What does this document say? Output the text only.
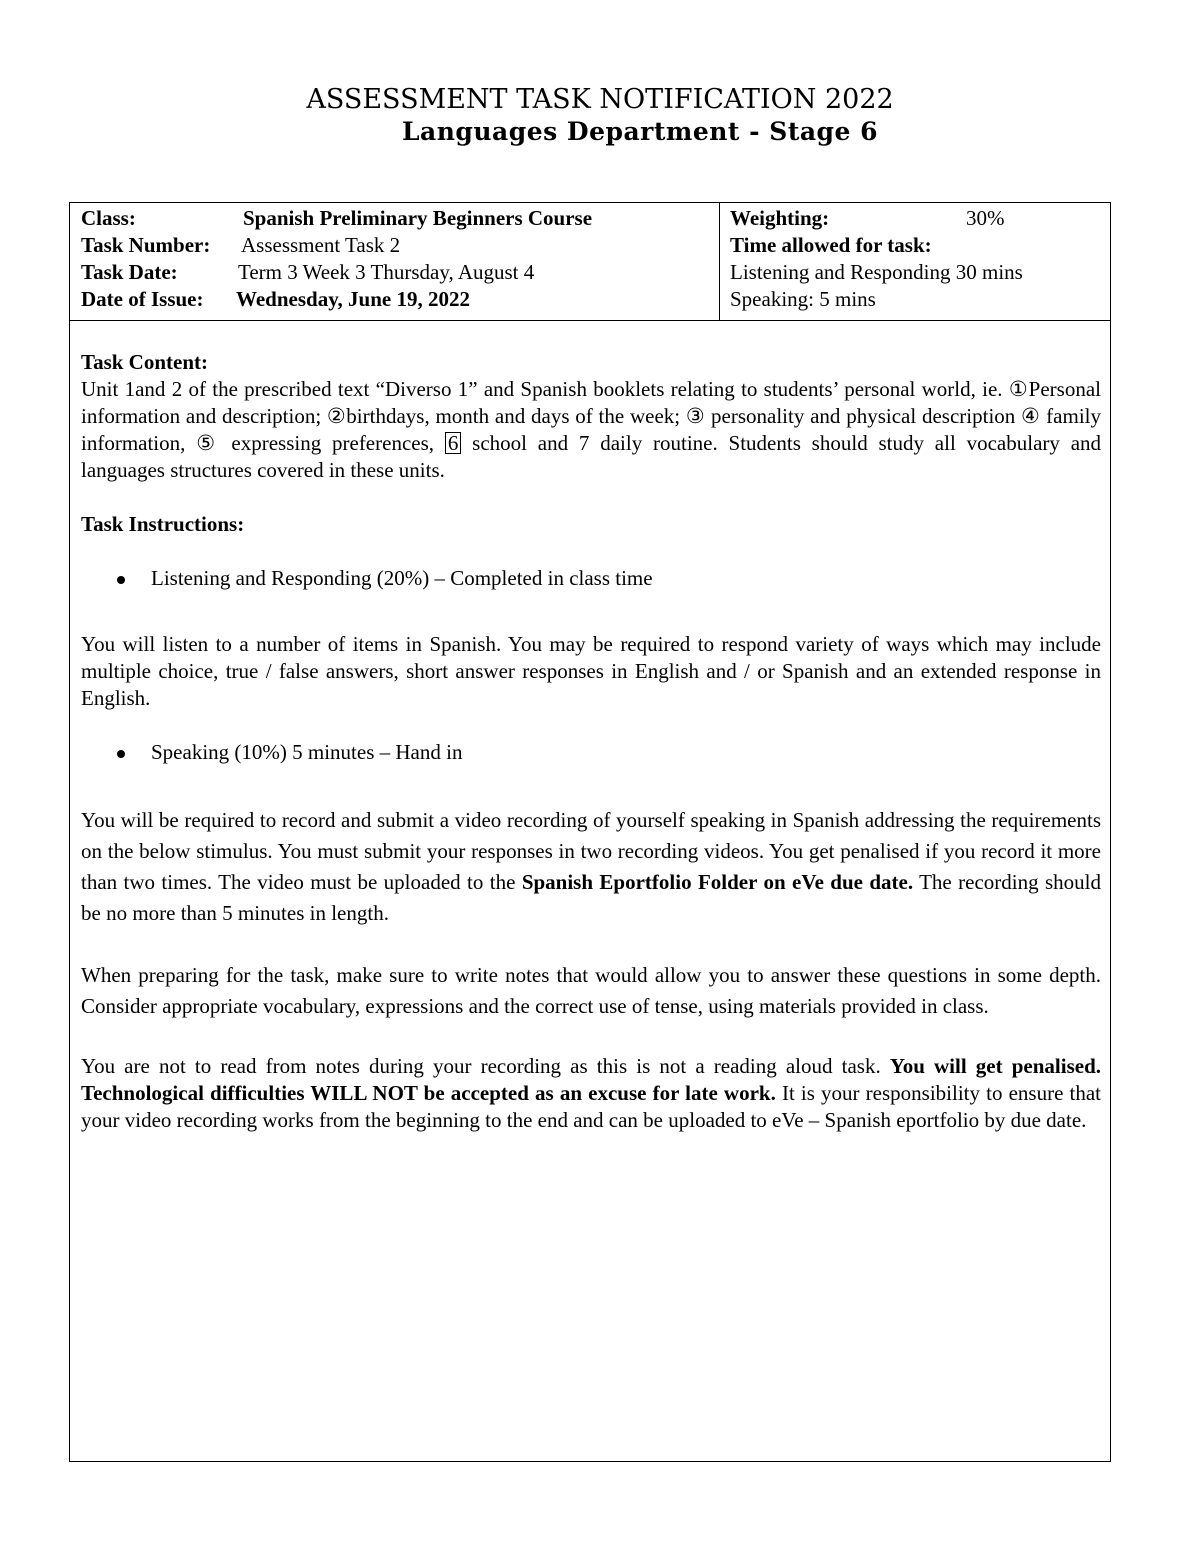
ASSESSMENT TASK NOTIFICATION 2022
Languages Department - Stage 6
Class:	Spanish Preliminary Beginners Course
Task Number: Assessment Task 2
Task Date:	Term 3 Week 3 Thursday, August 4
Date of Issue: Wednesday, June 19, 2022
Weighting:	30%
Time allowed for task:
Listening and Responding 30 mins
Speaking: 5 mins

Task Content:

Unit 1and 2 of the prescribed text “Diverso 1” and Spanish booklets relating to students’ personal world, ie. ①Personal information and description; ②birthdays, month and days of the week; ③ personality and physical description ④ family information, ⑤ expressing preferences, 6 school and 7 daily routine. Students should study all vocabulary and languages structures covered in these units.

Task Instructions:

Listening and Responding (20%) – Completed in class time

You will listen to a number of items in Spanish. You may be required to respond variety of ways which may include multiple choice, true / false answers, short answer responses in English and / or Spanish and an extended response in English.

Speaking (10%) 5 minutes – Hand in

You will be required to record and submit a video recording of yourself speaking in Spanish addressing the requirements on the below stimulus. You must submit your responses in two recording videos. You get penalised if you record it more than two times. The video must be uploaded to the Spanish Eportfolio Folder on eVe due date. The recording should be no more than 5 minutes in length.

When preparing for the task, make sure to write notes that would allow you to answer these questions in some depth. Consider appropriate vocabulary, expressions and the correct use of tense, using materials provided in class.

You are not to read from notes during your recording as this is not a reading aloud task. You will get penalised. Technological difficulties WILL NOT be accepted as an excuse for late work. It is your responsibility to ensure that your video recording works from the beginning to the end and can be uploaded to eVe – Spanish eportfolio by due date.
